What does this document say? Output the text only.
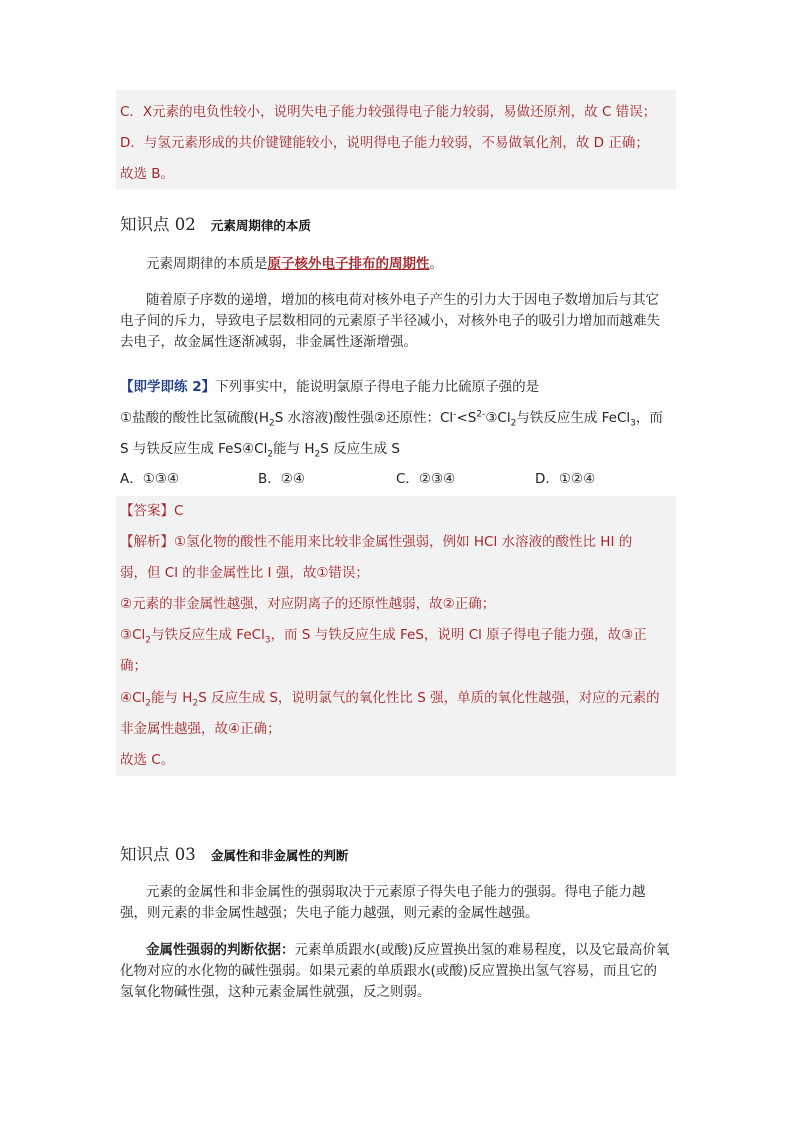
C．X元素的电负性较小，说明失电子能力较强得电子能力较弱，易做还原剂，故 C 错误；
D．与氢元素形成的共价键键能较小，说明得电子能力较弱，不易做氧化剂，故 D 正确；
故选 B。
知识点 02 元素周期律的本质
元素周期律的本质是原子核外电子排布的周期性。
随着原子序数的递增，增加的核电荷对核外电子产生的引力大于因电子数增加后与其它电子间的斥力，导致电子层数相同的元素原子半径减小，对核外电子的吸引力增加而越难失去电子，故金属性逐渐减弱，非金属性逐渐增强。
【即学即练 2】下列事实中，能说明氯原子得电子能力比硫原子强的是
①盐酸的酸性比氢硫酸($H_2S$ 水溶液)酸性强②还原性：$Cl^-<S^{2-}③Cl_2$与铁反应生成 FeCl$_3$，而
S 与铁反应生成 $FeS④Cl_2$能与 $H_2S$ 反应生成 S
A．①③④	B．②④	C．②③④	D．①②④
【答案】C
【解析】①氢化物的酸性不能用来比较非金属性强弱，例如 HCl 水溶液的酸性比 HI 的
弱，但 Cl 的非金属性比 I 强，故①错误；
②元素的非金属性越强，对应阴离子的还原性越弱，故②正确；
$③Cl_2$与铁反应生成 FeCl$_3$，而 S 与铁反应生成 FeS，说明 Cl 原子得电子能力强，故③正
确；
$④Cl_2$能与 $H_2S$ 反应生成 S，说明氯气的氧化性比 S 强，单质的氧化性越强，对应的元素的
非金属性越强，故④正确；
故选 C。
知识点 03 金属性和非金属性的判断
元素的金属性和非金属性的强弱取决于元素原子得失电子能力的强弱。得电子能力越强，则元素的非金属性越强；失电子能力越强，则元素的金属性越强。
金属性强弱的判断依据：元素单质跟水(或酸)反应置换出氢的难易程度，以及它最高价氧化物对应的水化物的碱性强弱。如果元素的单质跟水(或酸)反应置换出氢气容易，而且它的氢氧化物碱性强，这种元素金属性就强，反之则弱。
